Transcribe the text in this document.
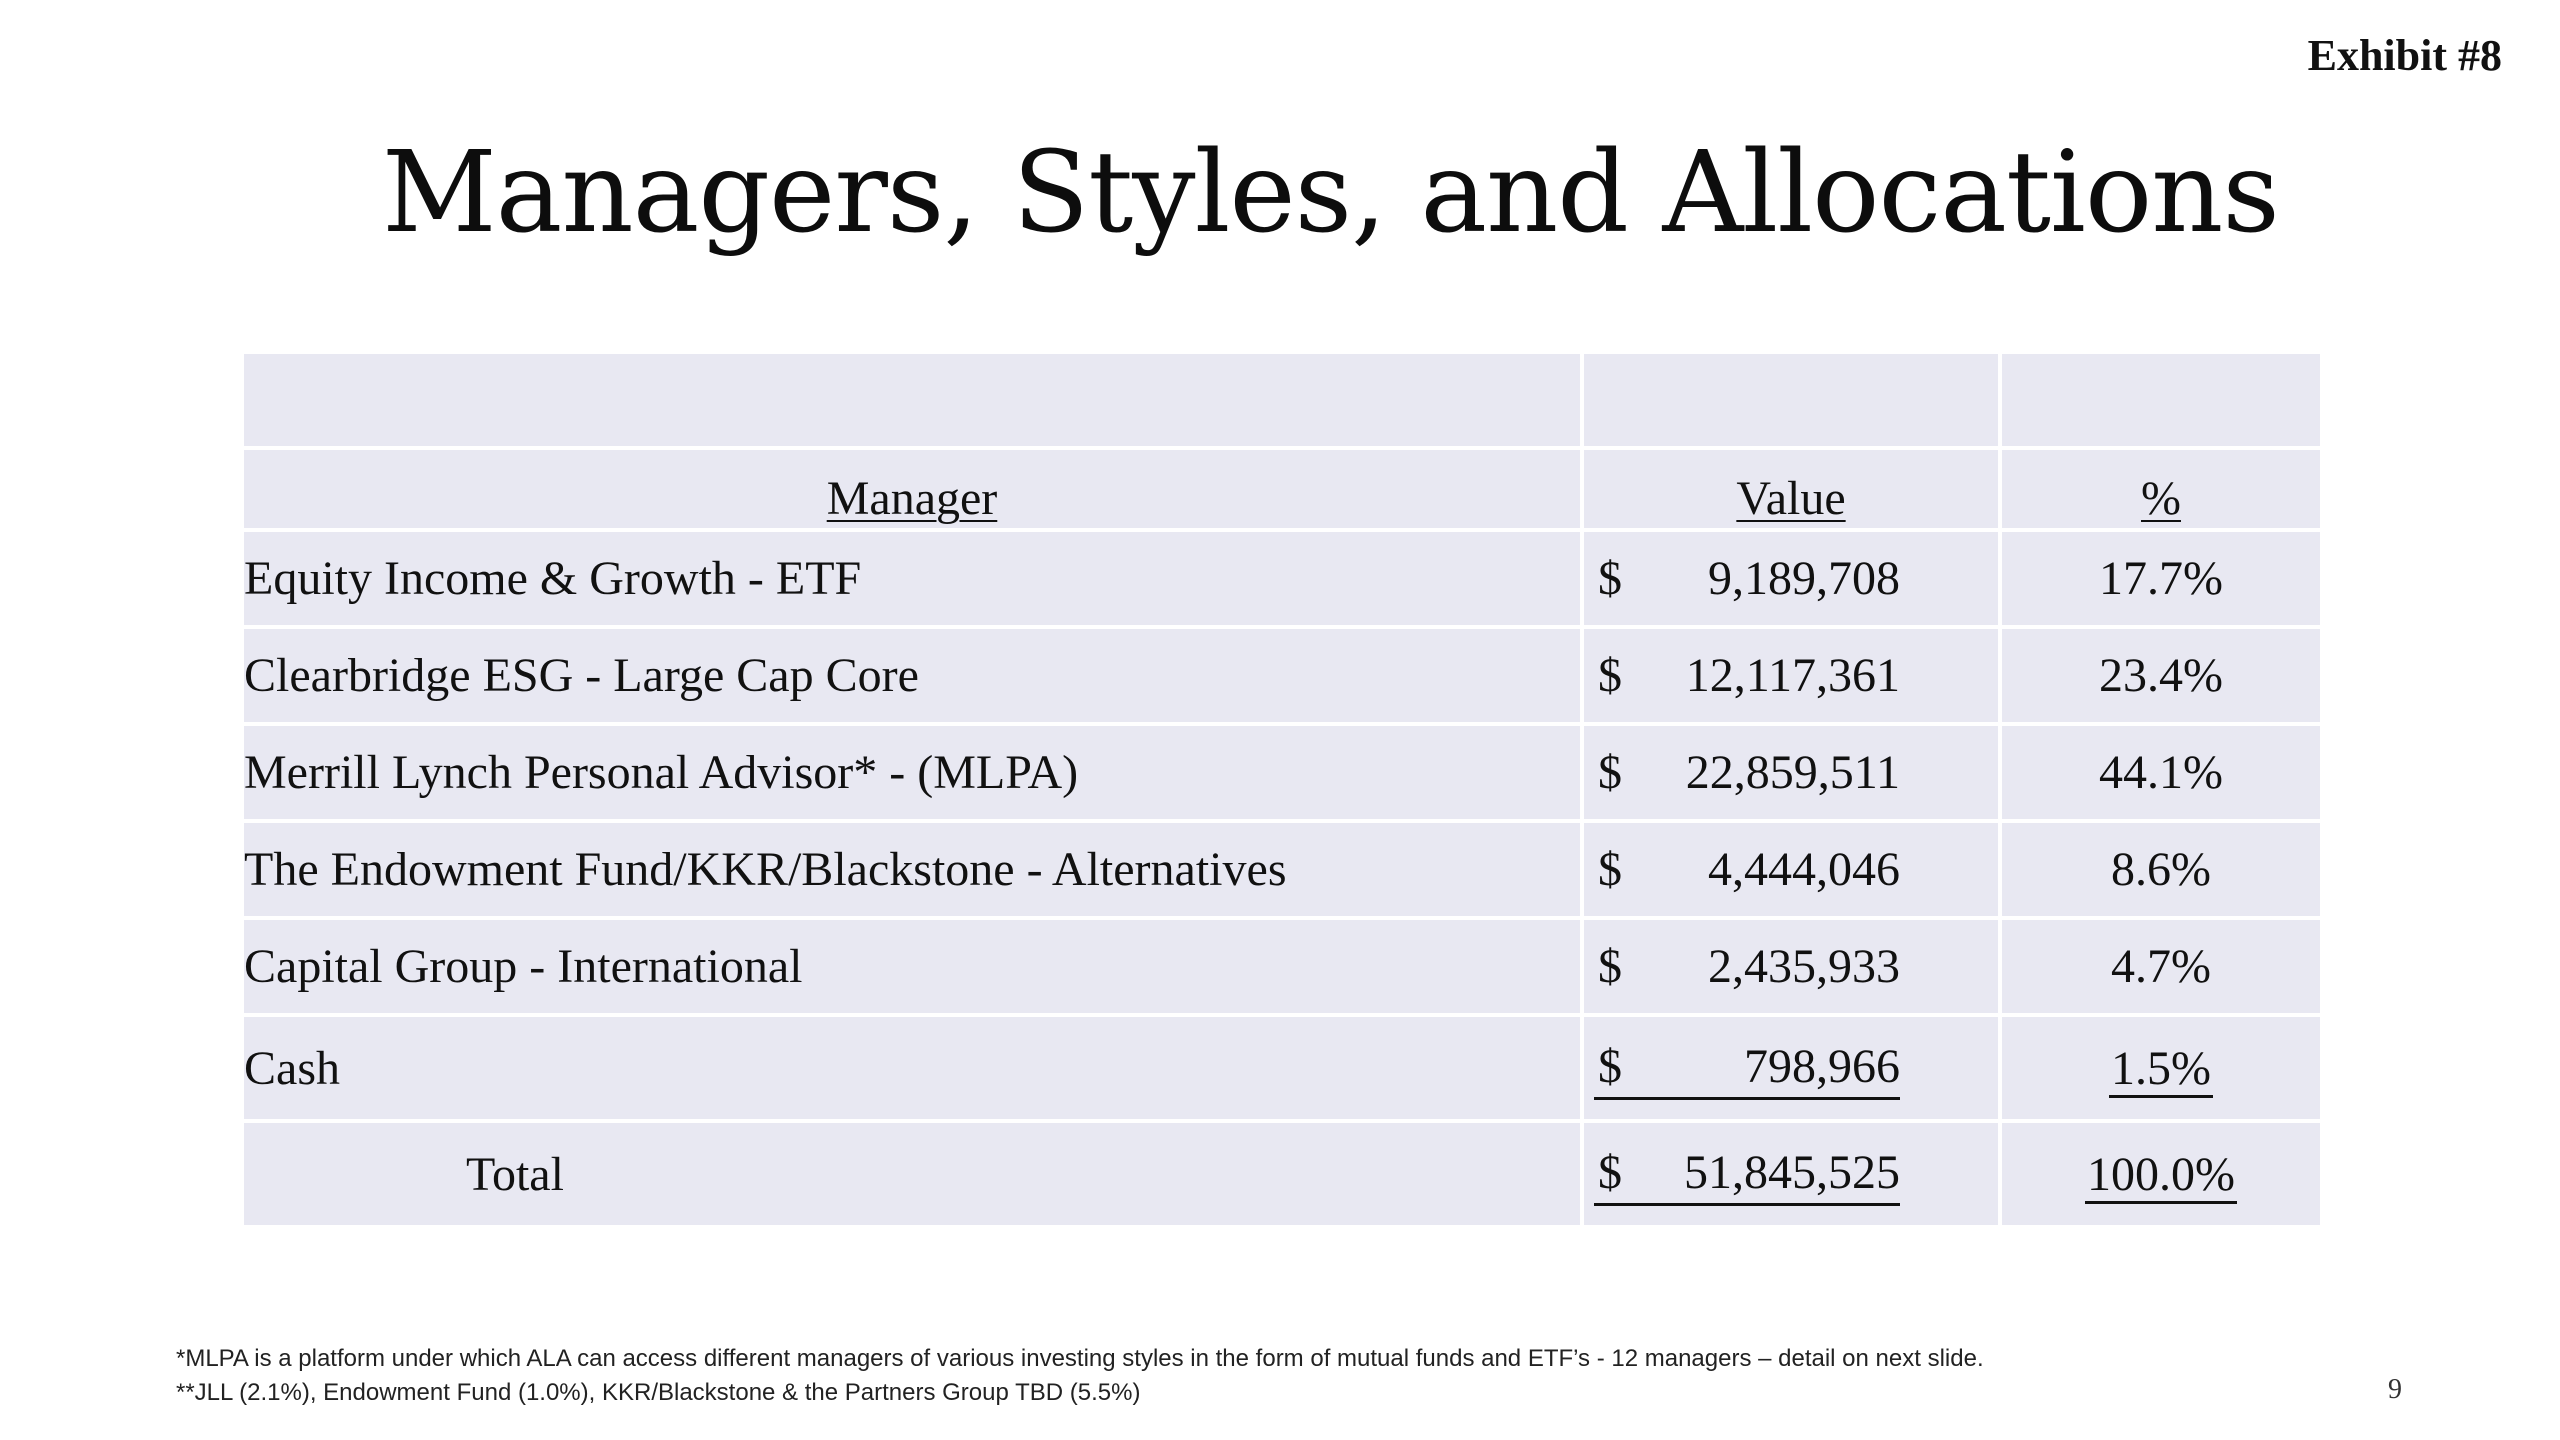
Exhibit #8
Managers, Styles, and Allocations

Manager	Value	%

Equity Income & Growth - ETF	$ 9,189,708	17.7%

Clearbridge ESG - Large Cap Core	$ 12,117,361	23.4%

Merrill Lynch Personal Advisor* - (MLPA)	$ 22,859,511	44.1%

The Endowment Fund/KKR/Blackstone - Alternatives	$ 4,444,046	8.6%

Capital Group - International	$ 2,435,933	4.7%

Cash	$ 798,966	1.5%

Total	$ 51,845,525	100.0%
*MLPA is a platform under which ALA can access different managers of various investing styles in the form of mutual funds and ETF’s - 12 managers – detail on next slide.
**JLL (2.1%), Endowment Fund (1.0%), KKR/Blackstone & the Partners Group TBD (5.5%)	9
